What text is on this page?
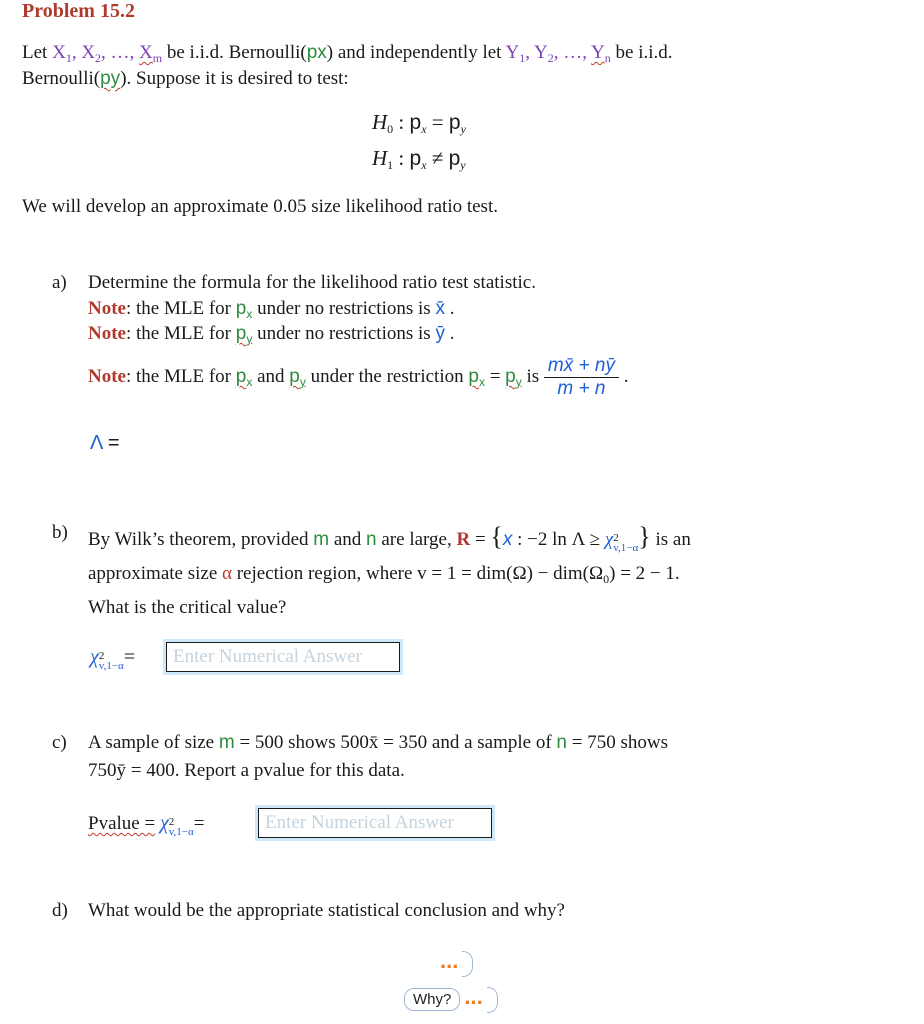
Problem 15.2
Let $X_1$, $X_2$, …, $X_m$ be i.i.d. Bernoulli(px) and independently let $Y_1$, $Y_2$, …, $Y_n$ be i.i.d.
Bernoulli(py). Suppose it is desired to test:
$H_0$ : $p_x = p_y$
$H_1$ : $p_x \ne p_y$
We will develop an approximate 0.05 size likelihood ratio test.
a) Determine the formula for the likelihood ratio test statistic.
Note: the MLE for $p_x$ under no restrictions is x̄ .
Note: the MLE for $p_y$ under no restrictions is ȳ .
Note: the MLE for $p_x$ and $p_y$ under the restriction $p_x = p_y$ is $\frac{mx̄ + nȳ}{m + n}$ .
Λ =
b) By Wilk’s theorem, provided m and n are large, R = {x : −2 ln Λ ≥ χ 2
v,1−α } is an
approximate size α rejection region, where $v = 1 = dim(\Omega) - dim(\Omega_0) = 2 - 1$.
What is the critical value?
χ 2
v,1−α =	Enter Numerical Answer
c) A sample of size m = 500 shows 500x̄ = 350 and a sample of n = 750 shows
750ȳ = 400. Report a pvalue for this data.
Pvalue = χ 2
v,1−α =	Enter Numerical Answer
d) What would be the appropriate statistical conclusion and why?
...
Why? ...
